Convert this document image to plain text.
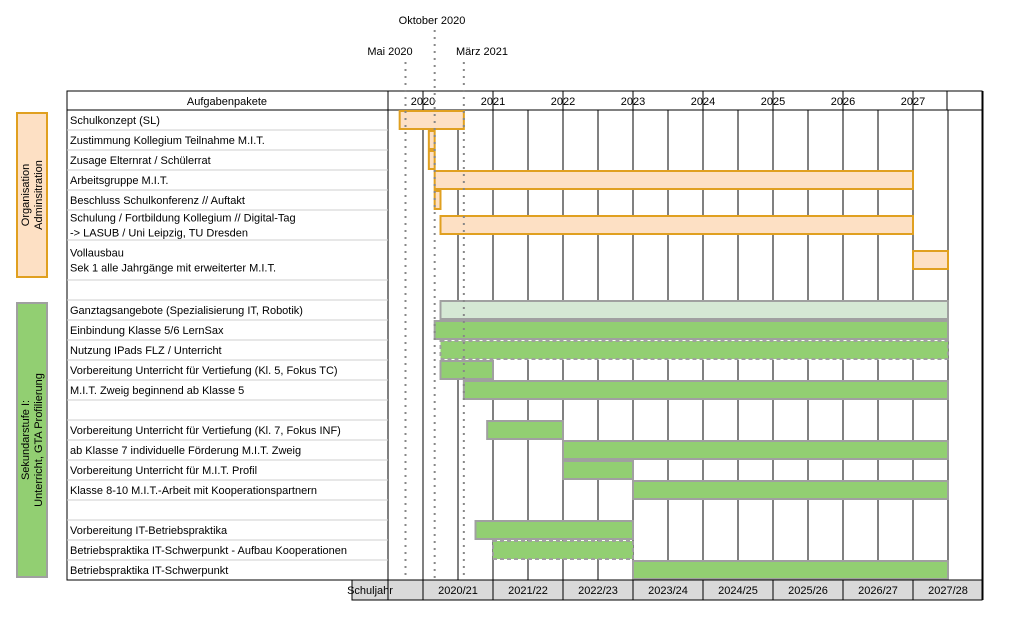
Oktober 2020
Mai 2020	März 2021
Aufgabenpakete	2020	2021	2022	2023	2024	2025	2026	2027
Schulkonzept (SL)
Zustimmung Kollegium Teilnahme M.I.T.
Zusage Elternrat / Schülerrat
Arbeitsgruppe M.I.T.
Beschluss Schulkonferenz // Auftakt
Schulung / Fortbildung Kollegium // Digital-Tag
-> LASUB / Uni Leipzig, TU Dresden
Vollausbau
Sek 1 alle Jahrgänge mit erweiterter M.I.T.
Ganztagsangebote (Spezialisierung IT, Robotik)
Einbindung Klasse 5/6 LernSax
Nutzung IPads FLZ / Unterricht
Vorbereitung Unterricht für Vertiefung (Kl. 5, Fokus TC)
M.I.T. Zweig beginnend ab Klasse 5
Vorbereitung Unterricht für Vertiefung (Kl. 7, Fokus INF)
ab Klasse 7 individuelle Förderung M.I.T. Zweig
Vorbereitung Unterricht für M.I.T. Profil
Klasse 8-10 M.I.T.-Arbeit mit Kooperationspartnern
Vorbereitung IT-Betriebspraktika
Betriebspraktika IT-Schwerpunkt - Aufbau Kooperationen
Betriebspraktika IT-Schwerpunkt
OrganisationAdminsitration
Sekundarstufe I:Unterricht, GTA Profilierung
Schuljahr	2020/21	2021/22	2022/23	2023/24	2024/25	2025/26	2026/27	2027/28
